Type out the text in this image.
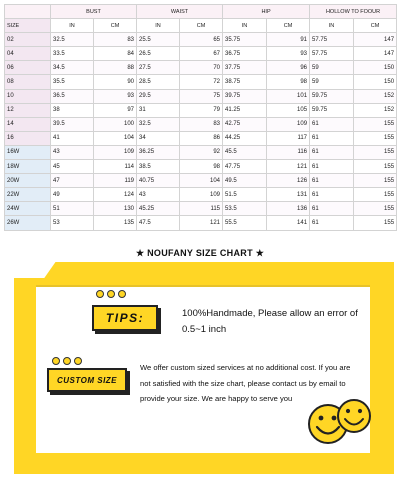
	BUST		WAIST		HIP		HOLLOW TO FOOUR	
SIZE	IN	CM	IN	CM	IN	CM	IN	CM
02	32.5	83	25.5	65	35.75	91	57.75	147
04	33.5	84	26.5	67	36.75	93	57.75	147
06	34.5	88	27.5	70	37.75	96	59	150
08	35.5	90	28.5	72	38.75	98	59	150
10	36.5	93	29.5	75	39.75	101	59.75	152
12	38	97	31	79	41.25	105	59.75	152
14	39.5	100	32.5	83	42.75	109	61	155
16	41	104	34	86	44.25	117	61	155
16W	43	109	36.25	92	45.5	116	61	155
18W	45	114	38.5	98	47.75	121	61	155
20W	47	119	40.75	104	49.5	126	61	155
22W	49	124	43	109	51.5	131	61	155
24W	51	130	45.25	115	53.5	136	61	155
26W	53	135	47.5	121	55.5	141	61	155
★ NOUFANY SIZE CHART ★
TIPS:	100%Handmade, Please allow an error of 0.5~1 inch
CUSTOM SIZE
We offer custom sized services at no additional cost. If you are not satisfied with the size chart, please contact us by email to provide your size. We are happy to serve you
